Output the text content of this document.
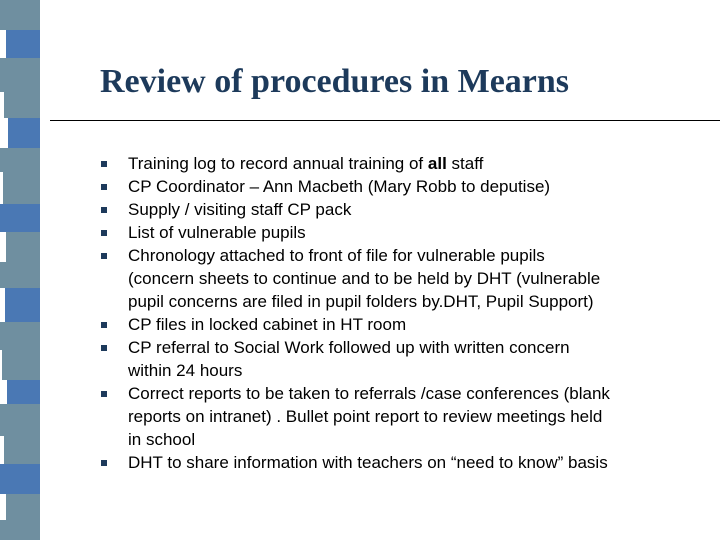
Review of procedures in Mearns
Training log to record annual training of all staff
CP Coordinator – Ann Macbeth (Mary Robb to deputise)
Supply / visiting staff CP pack
List of vulnerable pupils
Chronology attached to front of file for vulnerable pupils
(concern sheets to continue and to be held by DHT (vulnerable
pupil concerns are filed in pupil folders by.DHT, Pupil Support)
CP files in locked cabinet in HT room
CP referral to Social Work followed up with written concern
within 24 hours
Correct reports to be taken to referrals /case conferences (blank
reports on intranet) . Bullet point report to review meetings held
in school
DHT to share information with teachers on “need to know” basis
